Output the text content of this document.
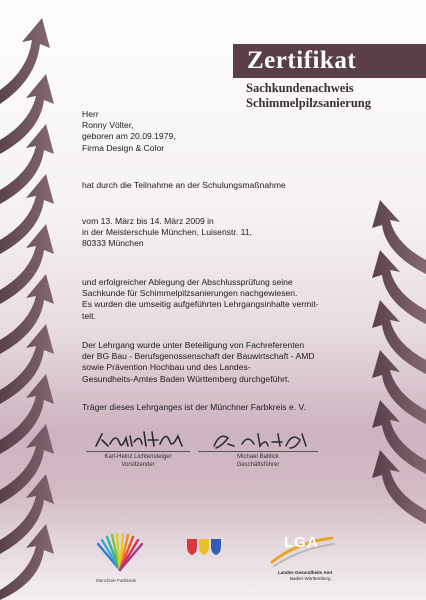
Zertifikat
Sachkundenachweis
Schimmelpilzsanierung
Herr
Ronny Völter,
geboren am 20.09.1979,
Firma Design & Color
hat durch die Teilnahme an der Schulungsmaßnahme
vom 13. März bis 14. März 2009 in
in der Meisterschule München, Luisenstr. 11,
80333 München
und erfolgreicher Ablegung der Abschlussprüfung seine
Sachkunde für Schimmelpilzsanierungen nachgewiesen.
Es wurden die umseitig aufgeführten Lehrgangsinhalte vermit-
telt.
Der Lehrgang wurde unter Beteiligung von Fachreferenten
der BG Bau - Berufsgenossenschaft der Bauwirtschaft - AMD
sowie Prävention Hochbau und des Landes-
Gesundheits-Amtes Baden Württemberg durchgeführt.
Träger dieses Lehrganges ist der Münchner Farbkreis e. V.
Karl-Heinz Lichtensteiger
Vorsitzender
Michael Bablick
Geschäftsführer
Münchner Farbkreis
LGA
Landes Gesundheits Amt
Baden-Württemberg
